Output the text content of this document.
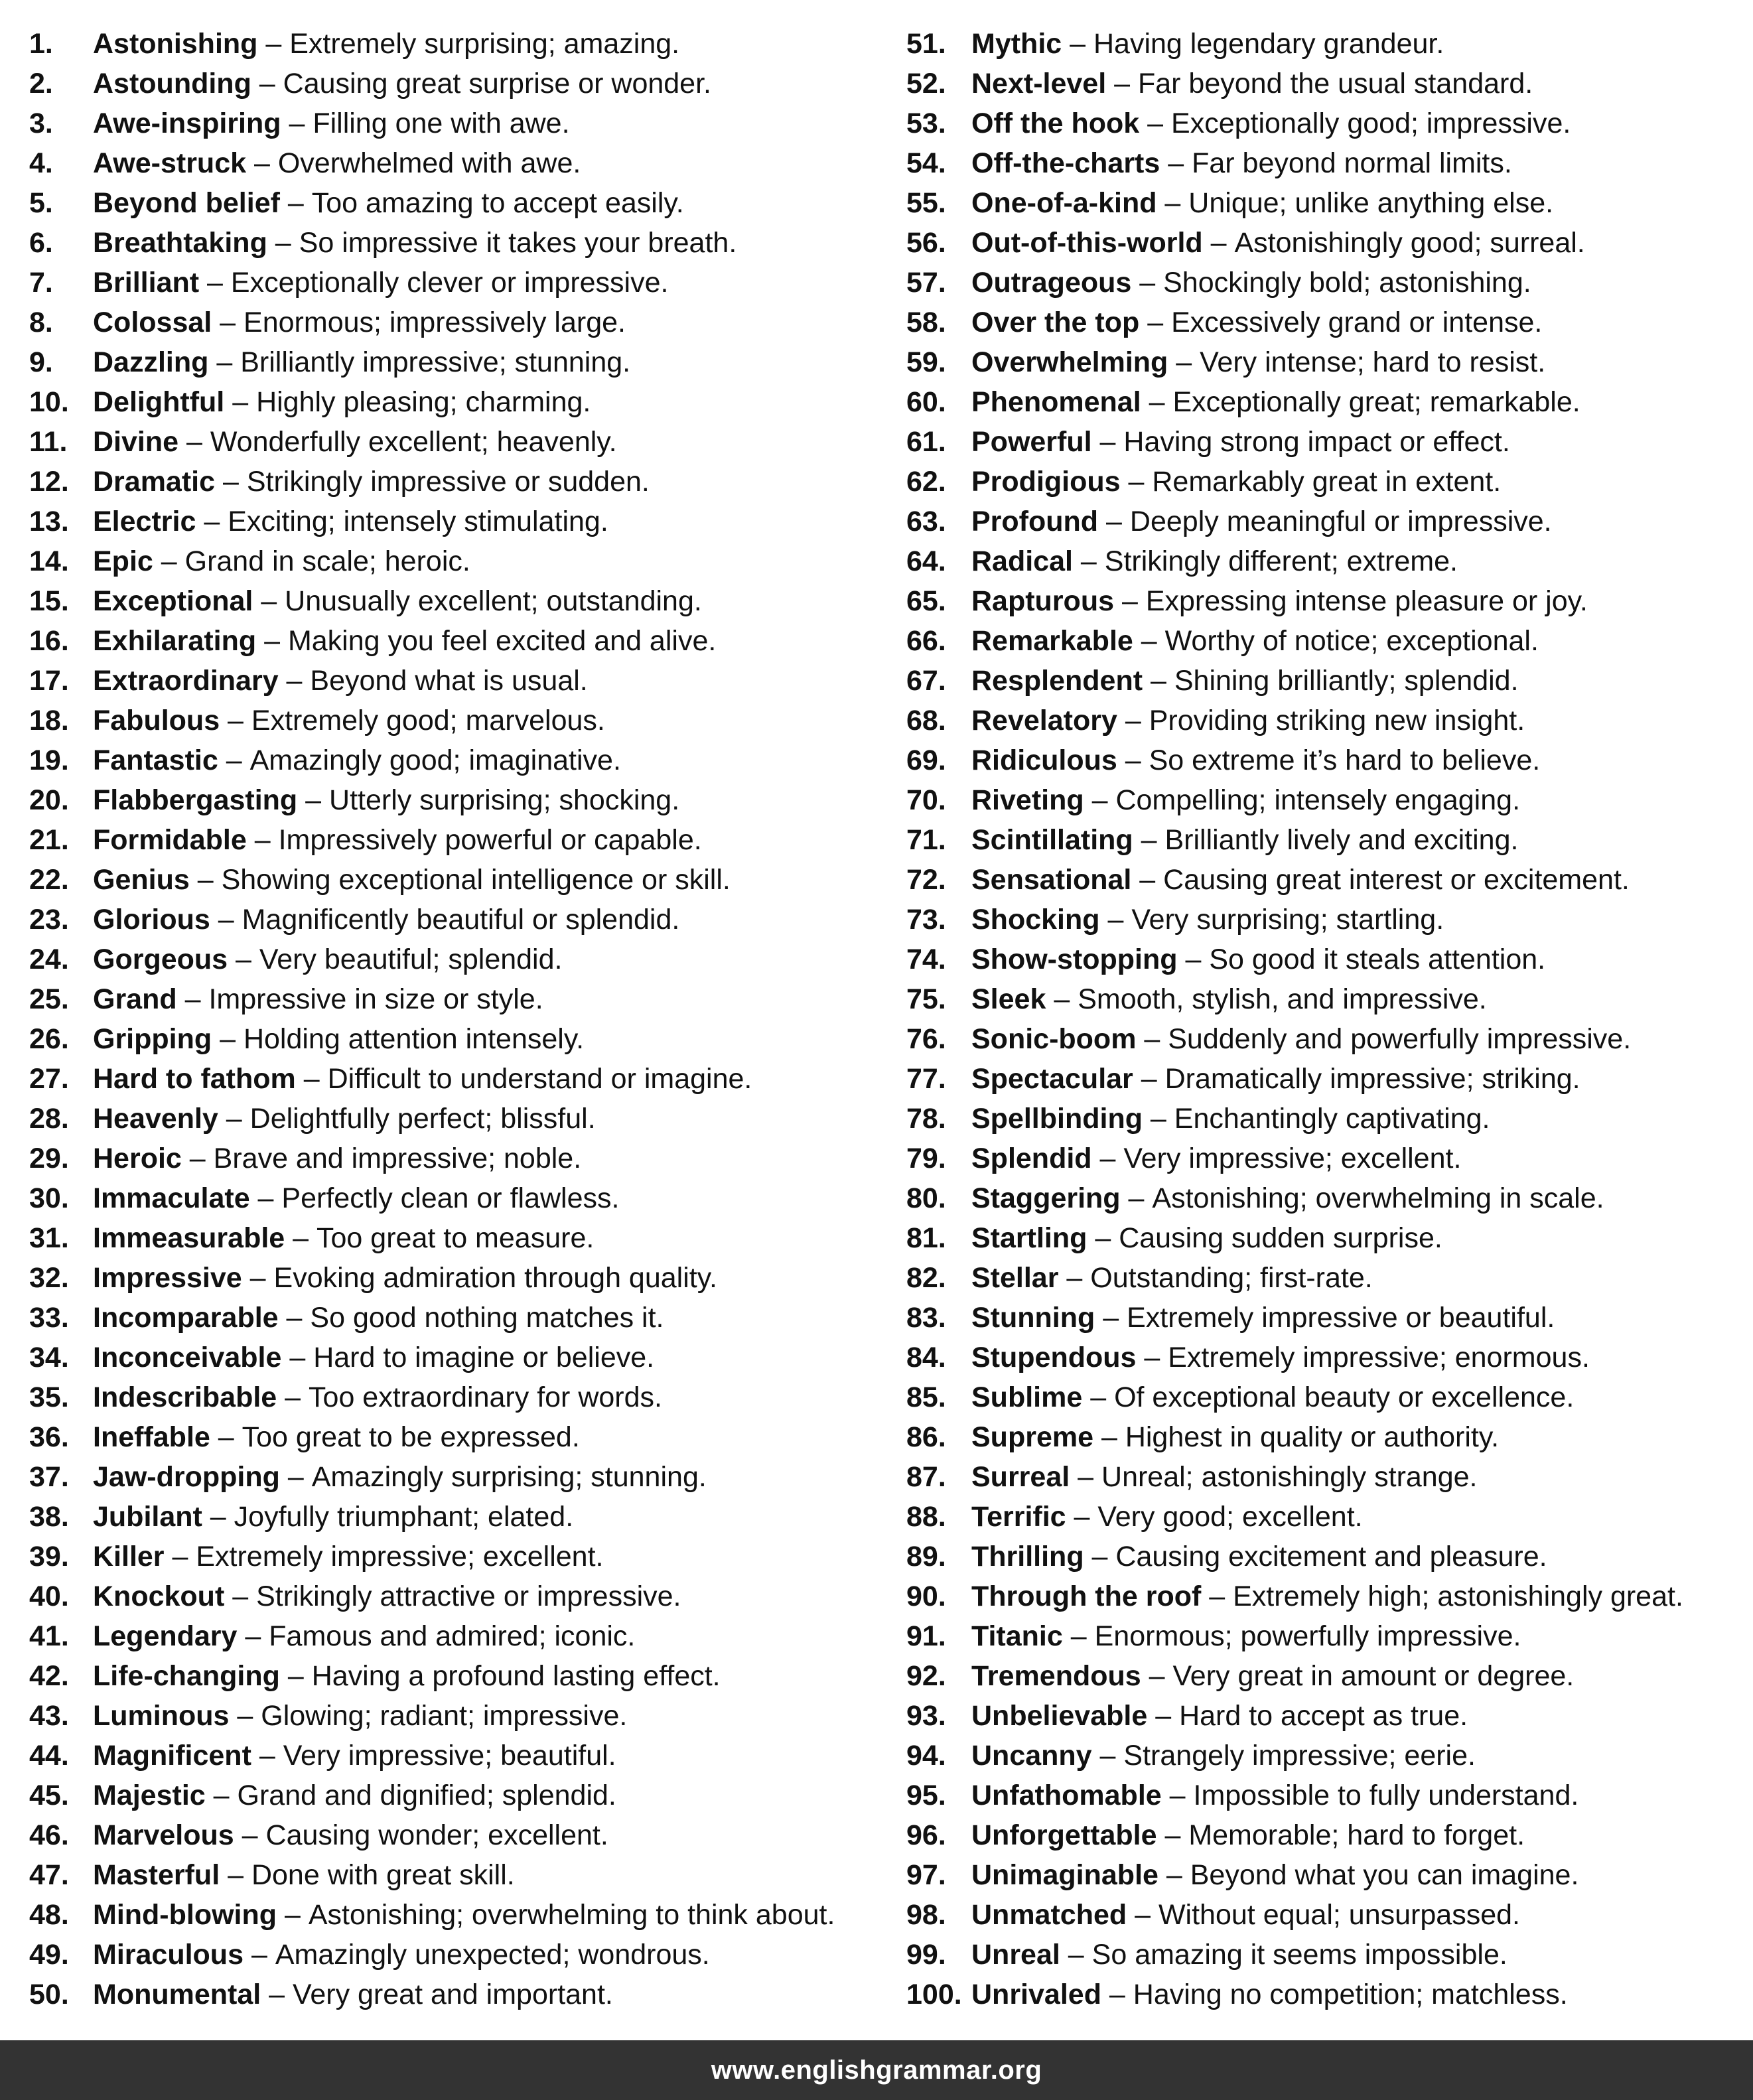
1.	Astonishing – Extremely surprising; amazing.
2.	Astounding – Causing great surprise or wonder.
3.	Awe-inspiring – Filling one with awe.
4.	Awe-struck – Overwhelmed with awe.
5.	Beyond belief – Too amazing to accept easily.
6.	Breathtaking – So impressive it takes your breath.
7.	Brilliant – Exceptionally clever or impressive.
8.	Colossal – Enormous; impressively large.
9.	Dazzling – Brilliantly impressive; stunning.
10. Delightful – Highly pleasing; charming.
11. Divine – Wonderfully excellent; heavenly.
12. Dramatic – Strikingly impressive or sudden.
13. Electric – Exciting; intensely stimulating.
14. Epic – Grand in scale; heroic.
15. Exceptional – Unusually excellent; outstanding.
16. Exhilarating – Making you feel excited and alive.
17. Extraordinary – Beyond what is usual.
18. Fabulous – Extremely good; marvelous.
19. Fantastic – Amazingly good; imaginative.
20. Flabbergasting – Utterly surprising; shocking.
21. Formidable – Impressively powerful or capable.
22. Genius – Showing exceptional intelligence or skill.
23. Glorious – Magnificently beautiful or splendid.
24. Gorgeous – Very beautiful; splendid.
25. Grand – Impressive in size or style.
26. Gripping – Holding attention intensely.
27. Hard to fathom – Difficult to understand or imagine.
28. Heavenly – Delightfully perfect; blissful.
29. Heroic – Brave and impressive; noble.
30. Immaculate – Perfectly clean or flawless.
31. Immeasurable – Too great to measure.
32. Impressive – Evoking admiration through quality.
33. Incomparable – So good nothing matches it.
34. Inconceivable – Hard to imagine or believe.
35. Indescribable – Too extraordinary for words.
36. Ineffable – Too great to be expressed.
37. Jaw-dropping – Amazingly surprising; stunning.
38. Jubilant – Joyfully triumphant; elated.
39. Killer – Extremely impressive; excellent.
40. Knockout – Strikingly attractive or impressive.
41. Legendary – Famous and admired; iconic.
42. Life-changing – Having a profound lasting effect.
43. Luminous – Glowing; radiant; impressive.
44. Magnificent – Very impressive; beautiful.
45. Majestic – Grand and dignified; splendid.
46. Marvelous – Causing wonder; excellent.
47. Masterful – Done with great skill.
48. Mind-blowing – Astonishing; overwhelming to think about.
49. Miraculous – Amazingly unexpected; wondrous.
50. Monumental – Very great and important.
51. Mythic – Having legendary grandeur.
52. Next-level – Far beyond the usual standard.
53. Off the hook – Exceptionally good; impressive.
54. Off-the-charts – Far beyond normal limits.
55. One-of-a-kind – Unique; unlike anything else.
56. Out-of-this-world – Astonishingly good; surreal.
57. Outrageous – Shockingly bold; astonishing.
58. Over the top – Excessively grand or intense.
59. Overwhelming – Very intense; hard to resist.
60. Phenomenal – Exceptionally great; remarkable.
61. Powerful – Having strong impact or effect.
62. Prodigious – Remarkably great in extent.
63. Profound – Deeply meaningful or impressive.
64. Radical – Strikingly different; extreme.
65. Rapturous – Expressing intense pleasure or joy.
66. Remarkable – Worthy of notice; exceptional.
67. Resplendent – Shining brilliantly; splendid.
68. Revelatory – Providing striking new insight.
69. Ridiculous – So extreme it’s hard to believe.
70. Riveting – Compelling; intensely engaging.
71. Scintillating – Brilliantly lively and exciting.
72. Sensational – Causing great interest or excitement.
73. Shocking – Very surprising; startling.
74. Show-stopping – So good it steals attention.
75. Sleek – Smooth, stylish, and impressive.
76. Sonic-boom – Suddenly and powerfully impressive.
77. Spectacular – Dramatically impressive; striking.
78. Spellbinding – Enchantingly captivating.
79. Splendid – Very impressive; excellent.
80. Staggering – Astonishing; overwhelming in scale.
81. Startling – Causing sudden surprise.
82. Stellar – Outstanding; first-rate.
83. Stunning – Extremely impressive or beautiful.
84. Stupendous – Extremely impressive; enormous.
85. Sublime – Of exceptional beauty or excellence.
86. Supreme – Highest in quality or authority.
87. Surreal – Unreal; astonishingly strange.
88. Terrific – Very good; excellent.
89. Thrilling – Causing excitement and pleasure.
90. Through the roof – Extremely high; astonishingly great.
91. Titanic – Enormous; powerfully impressive.
92. Tremendous – Very great in amount or degree.
93. Unbelievable – Hard to accept as true.
94. Uncanny – Strangely impressive; eerie.
95. Unfathomable – Impossible to fully understand.
96. Unforgettable – Memorable; hard to forget.
97. Unimaginable – Beyond what you can imagine.
98. Unmatched – Without equal; unsurpassed.
99. Unreal – So amazing it seems impossible.
100. Unrivaled – Having no competition; matchless.
www.englishgrammar.org
